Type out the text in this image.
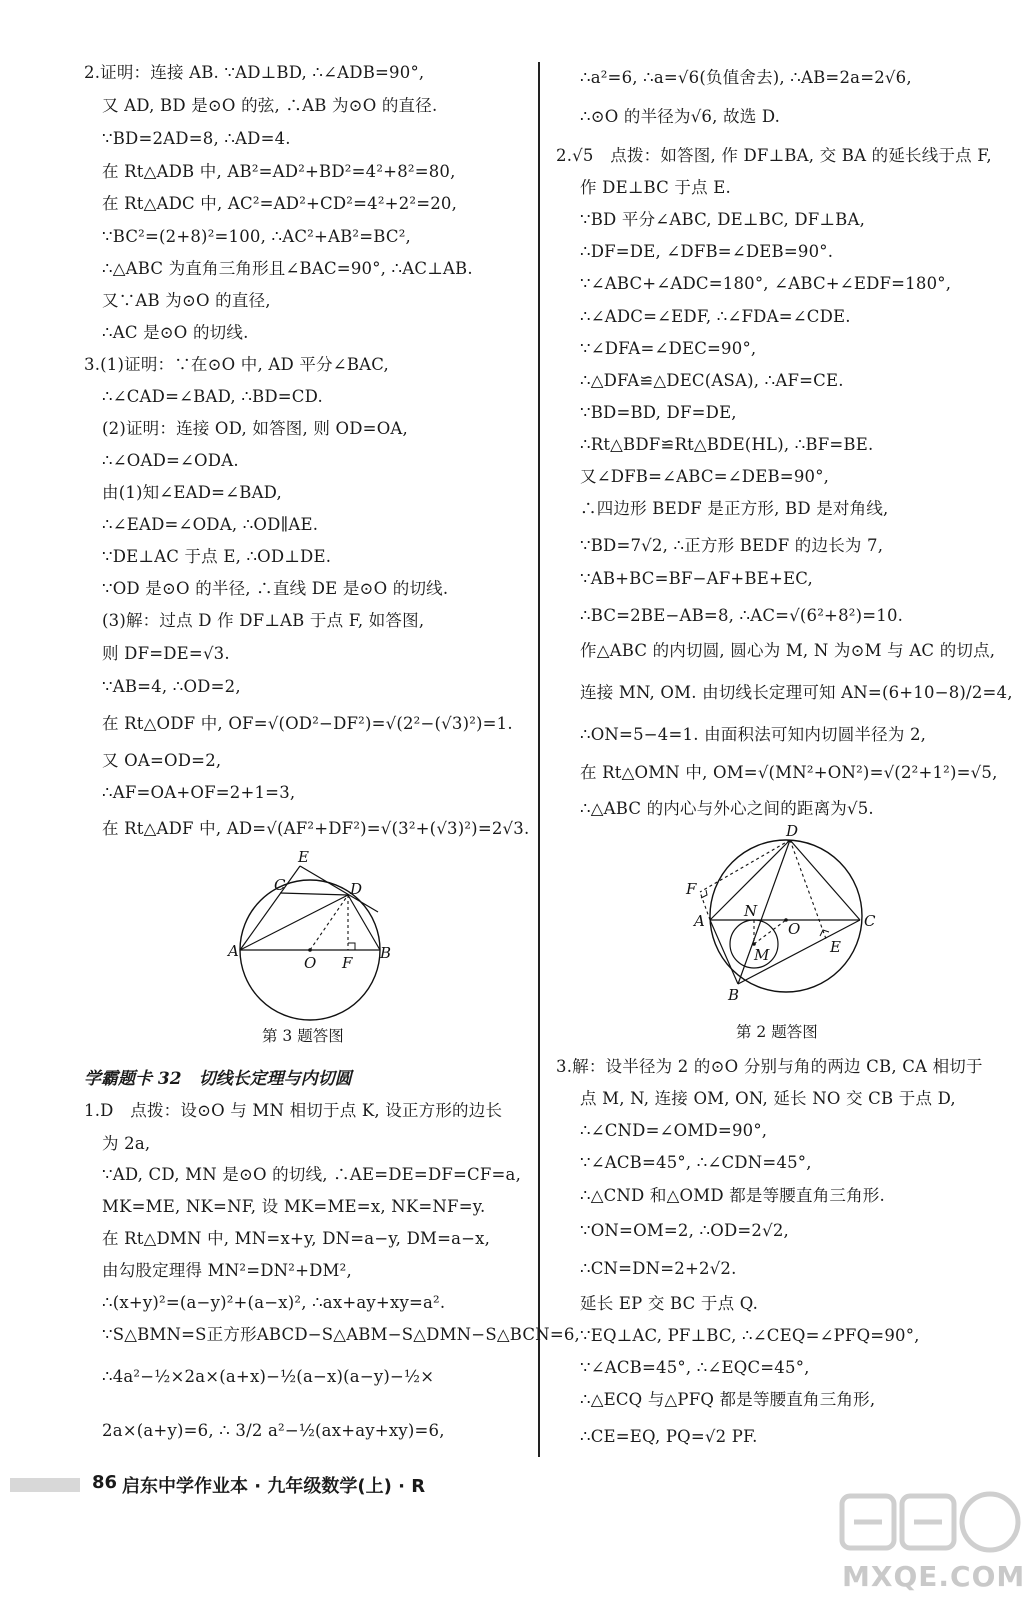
2.证明：连接 AB. ∵AD⊥BD, ∴∠ADB=90°,
又 AD, BD 是⊙O 的弦, ∴AB 为⊙O 的直径.
∵BD=2AD=8, ∴AD=4.
在 Rt△ADB 中, AB²=AD²+BD²=4²+8²=80,
在 Rt△ADC 中, AC²=AD²+CD²=4²+2²=20,
∵BC²=(2+8)²=100, ∴AC²+AB²=BC²,
∴△ABC 为直角三角形且∠BAC=90°, ∴AC⊥AB.
又∵AB 为⊙O 的直径,
∴AC 是⊙O 的切线.
3.(1)证明：∵在⊙O 中, AD 平分∠BAC,
∴∠CAD=∠BAD, ∴BD=CD.
(2)证明：连接 OD, 如答图, 则 OD=OA,
∴∠OAD=∠ODA.
由(1)知∠EAD=∠BAD,
∴∠EAD=∠ODA, ∴OD∥AE.
∵DE⊥AC 于点 E, ∴OD⊥DE.
∵OD 是⊙O 的半径, ∴直线 DE 是⊙O 的切线.
(3)解：过点 D 作 DF⊥AB 于点 F, 如答图,
则 DF=DE=√3.
∵AB=4, ∴OD=2,
在 Rt△ODF 中, OF=√(OD²−DF²)=√(2²−(√3)²)=1.
又 OA=OD=2,
∴AF=OA+OF=2+1=3,
在 Rt△ADF 中, AD=√(AF²+DF²)=√(3²+(√3)²)=2√3.
A	B
C	D
E
O F
第 3 题答图
学霸题卡 32　切线长定理与内切圆
1.D　点拨：设⊙O 与 MN 相切于点 K, 设正方形的边长
为 2a,
∵AD, CD, MN 是⊙O 的切线, ∴AE=DE=DF=CF=a,
MK=ME, NK=NF, 设 MK=ME=x, NK=NF=y.
在 Rt△DMN 中, MN=x+y, DN=a−y, DM=a−x,
由勾股定理得 MN²=DN²+DM²,
∴(x+y)²=(a−y)²+(a−x)², ∴ax+ay+xy=a².
∵S△BMN=S正方形ABCD−S△ABM−S△DMN−S△BCN=6,
∴4a²−½×2a×(a+x)−½(a−x)(a−y)−½×
2a×(a+y)=6, ∴ 3/2 a²−½(ax+ay+xy)=6,
∴a²=6, ∴a=√6(负值舍去), ∴AB=2a=2√6,
∴⊙O 的半径为√6, 故选 D.
2.√5　点拨：如答图, 作 DF⊥BA, 交 BA 的延长线于点 F,
作 DE⊥BC 于点 E.
∵BD 平分∠ABC, DE⊥BC, DF⊥BA,
∴DF=DE, ∠DFB=∠DEB=90°.
∵∠ABC+∠ADC=180°, ∠ABC+∠EDF=180°,
∴∠ADC=∠EDF, ∴∠FDA=∠CDE.
∵∠DFA=∠DEC=90°,
∴△DFA≌△DEC(ASA), ∴AF=CE.
∵BD=BD, DF=DE,
∴Rt△BDF≌Rt△BDE(HL), ∴BF=BE.
又∠DFB=∠ABC=∠DEB=90°,
∴四边形 BEDF 是正方形, BD 是对角线,
∵BD=7√2, ∴正方形 BEDF 的边长为 7,
∵AB+BC=BF−AF+BE+EC,
∴BC=2BE−AB=8, ∴AC=√(6²+8²)=10.
作△ABC 的内切圆, 圆心为 M, N 为⊙M 与 AC 的切点,
连接 MN, OM. 由切线长定理可知 AN=(6+10−8)/2=4,
∴ON=5−4=1. 由面积法可知内切圆半径为 2,
在 Rt△OMN 中, OM=√(MN²+ON²)=√(2²+1²)=√5,
∴△ABC 的内心与外心之间的距离为√5.
A
B
C
D
E
F
N
O
M
第 2 题答图
3.解：设半径为 2 的⊙O 分别与角的两边 CB, CA 相切于
点 M, N, 连接 OM, ON, 延长 NO 交 CB 于点 D,
∴∠CND=∠OMD=90°,
∵∠ACB=45°, ∴∠CDN=45°,
∴△CND 和△OMD 都是等腰直角三角形.
∵ON=OM=2, ∴OD=2√2,
∴CN=DN=2+2√2.
延长 EP 交 BC 于点 Q.
∵EQ⊥AC, PF⊥BC, ∴∠CEQ=∠PFQ=90°,
∵∠ACB=45°, ∴∠EQC=45°,
∴△ECQ 与△PFQ 都是等腰直角三角形,
∴CE=EQ, PQ=√2 PF.
86 启东中学作业本 · 九年级数学(上) · R
MXQE.COM
